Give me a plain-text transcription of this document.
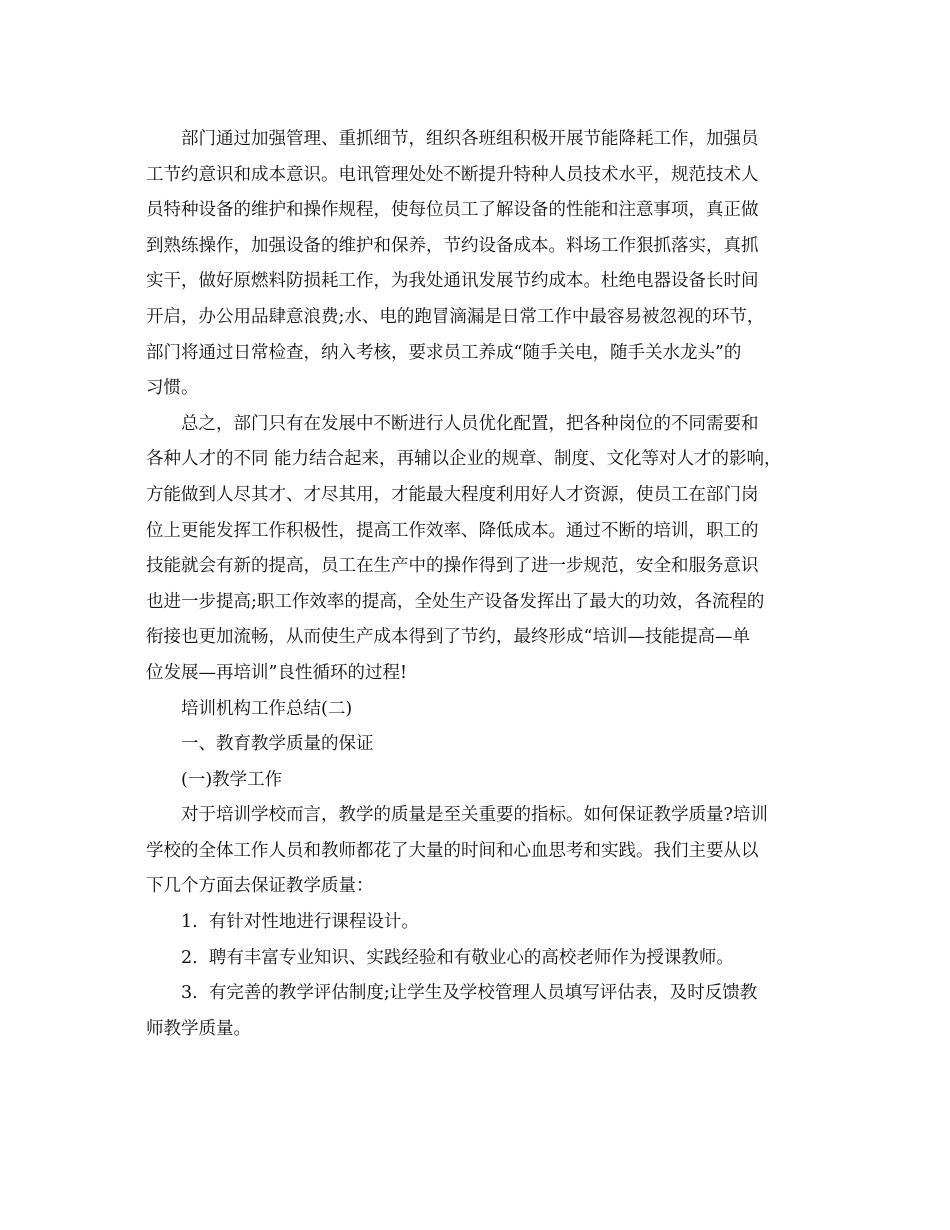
部门通过加强管理、重抓细节，组织各班组积极开展节能降耗工作，加强员
工节约意识和成本意识。电讯管理处处不断提升特种人员技术水平，规范技术人
员特种设备的维护和操作规程，使每位员工了解设备的性能和注意事项，真正做
到熟练操作，加强设备的维护和保养，节约设备成本。料场工作狠抓落实，真抓
实干，做好原燃料防损耗工作，为我处通讯发展节约成本。杜绝电器设备长时间
开启，办公用品肆意浪费;水、电的跑冒滴漏是日常工作中最容易被忽视的环节，
部门将通过日常检查，纳入考核，要求员工养成“随手关电，随手关水龙头”的
习惯。
总之，部门只有在发展中不断进行人员优化配置，把各种岗位的不同需要和
各种人才的不同 能力结合起来，再辅以企业的规章、制度、文化等对人才的影响，
方能做到人尽其才、才尽其用，才能最大程度利用好人才资源，使员工在部门岗
位上更能发挥工作积极性，提高工作效率、降低成本。通过不断的培训，职工的
技能就会有新的提高，员工在生产中的操作得到了进一步规范，安全和服务意识
也进一步提高;职工作效率的提高，全处生产设备发挥出了最大的功效，各流程的
衔接也更加流畅，从而使生产成本得到了节约，最终形成“培训—技能提高—单
位发展—再培训”良性循环的过程!
培训机构工作总结(二)
一、教育教学质量的保证
(一)教学工作
对于培训学校而言，教学的质量是至关重要的指标。如何保证教学质量?培训
学校的全体工作人员和教师都花了大量的时间和心血思考和实践。我们主要从以
下几个方面去保证教学质量：
1.  有针对性地进行课程设计。
2.  聘有丰富专业知识、实践经验和有敬业心的高校老师作为授课教师。
3.  有完善的教学评估制度;让学生及学校管理人员填写评估表，及时反馈教
师教学质量。
